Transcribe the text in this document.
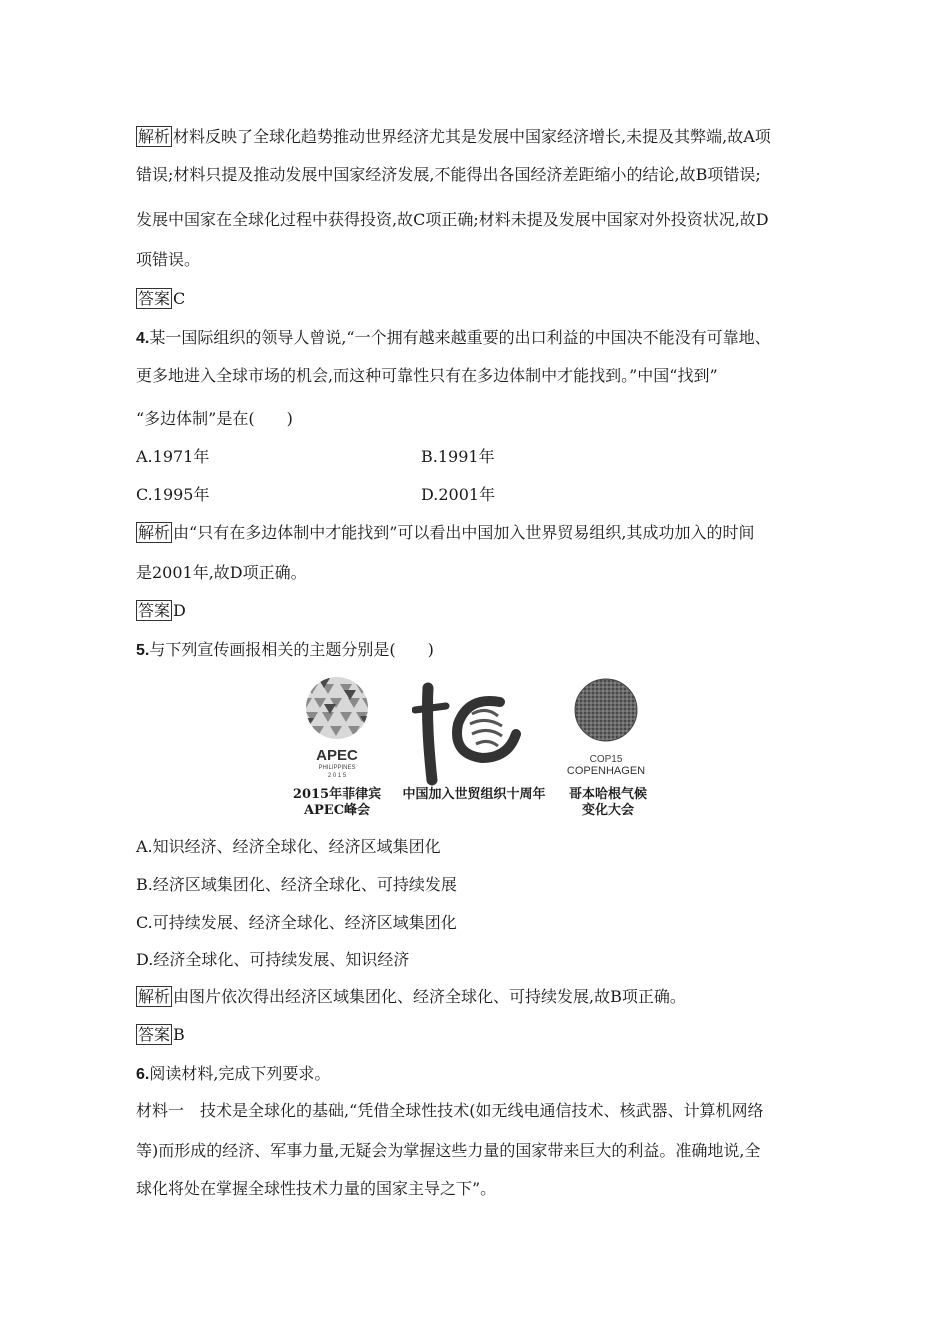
解析 材料反映了全球化趋势推动世界经济尤其是发展中国家经济增长,未提及其弊端,故A项
错误;材料只提及推动发展中国家经济发展,不能得出各国经济差距缩小的结论,故B项错误;
发展中国家在全球化过程中获得投资,故C项正确;材料未提及发展中国家对外投资状况,故D
项错误。
答案 C
4.某一国际组织的领导人曾说,“一个拥有越来越重要的出口利益的中国决不能没有可靠地、
更多地进入全球市场的机会,而这种可靠性只有在多边体制中才能找到。”中国“找到”
“多边体制”是在(　　)
A.1971年	B.1991年
C.1995年	D.2001年
解析 由“只有在多边体制中才能找到”可以看出中国加入世界贸易组织,其成功加入的时间
是2001年,故D项正确。
答案 D
5.与下列宣传画报相关的主题分别是(　　)
APEC
PHILIPPINES
2 0 1 5
10
COP15
COPENHAGEN
2015年菲律宾
APEC峰会
中国加入世贸组织十周年	哥本哈根气候
变化大会
A.知识经济、经济全球化、经济区域集团化
B.经济区域集团化、经济全球化、可持续发展
C.可持续发展、经济全球化、经济区域集团化
D.经济全球化、可持续发展、知识经济
解析 由图片依次得出经济区域集团化、经济全球化、可持续发展,故B项正确。
答案 B
6.阅读材料,完成下列要求。
材料一　技术是全球化的基础,“凭借全球性技术(如无线电通信技术、核武器、计算机网络
等)而形成的经济、军事力量,无疑会为掌握这些力量的国家带来巨大的利益。准确地说,全
球化将处在掌握全球性技术力量的国家主导之下”。
